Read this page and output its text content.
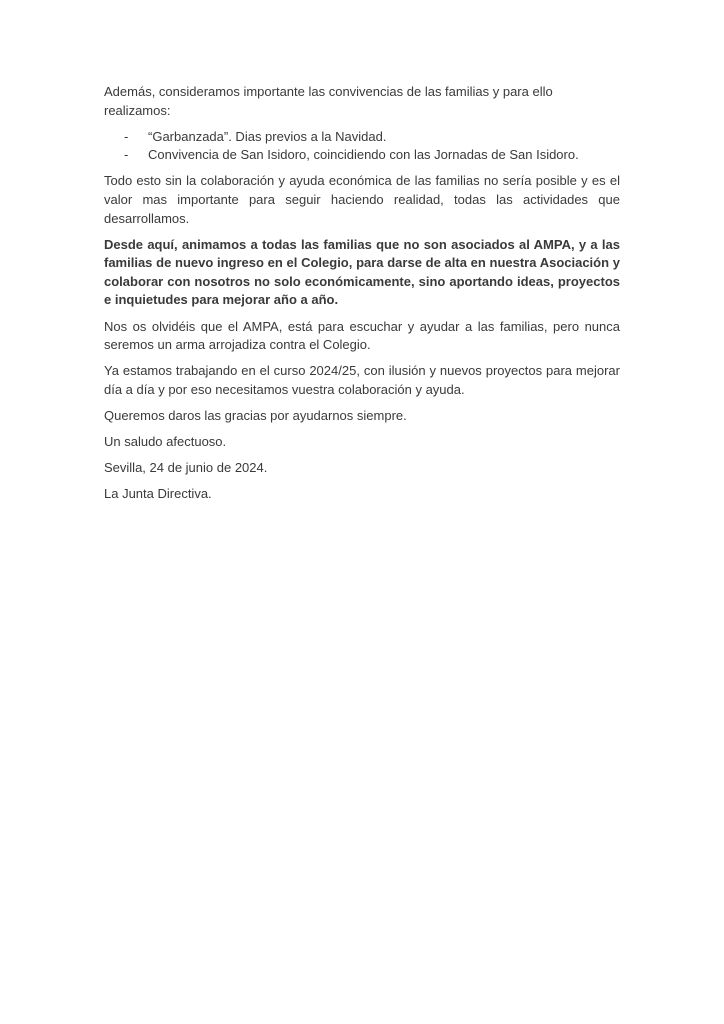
Además, consideramos importante las convivencias de las familias y para ello realizamos:

-	“Garbanzada”. Dias previos a la Navidad.
-	Convivencia de San Isidoro, coincidiendo con las Jornadas de San Isidoro.

Todo esto sin la colaboración y ayuda económica de las familias no sería posible y es el valor mas importante para seguir haciendo realidad, todas las actividades que desarrollamos.

Desde aquí, animamos a todas las familias que no son asociados al AMPA, y a las familias de nuevo ingreso en el Colegio, para darse de alta en nuestra Asociación y colaborar con nosotros no solo económicamente, sino aportando ideas, proyectos e inquietudes para mejorar año a año.

Nos os olvidéis que el AMPA, está para escuchar y ayudar a las familias, pero nunca seremos un arma arrojadiza contra el Colegio.

Ya estamos trabajando en el curso 2024/25, con ilusión y nuevos proyectos para mejorar día a día y por eso necesitamos vuestra colaboración y ayuda.

Queremos daros las gracias por ayudarnos siempre.

Un saludo afectuoso.

Sevilla, 24 de junio de 2024.

La Junta Directiva.
